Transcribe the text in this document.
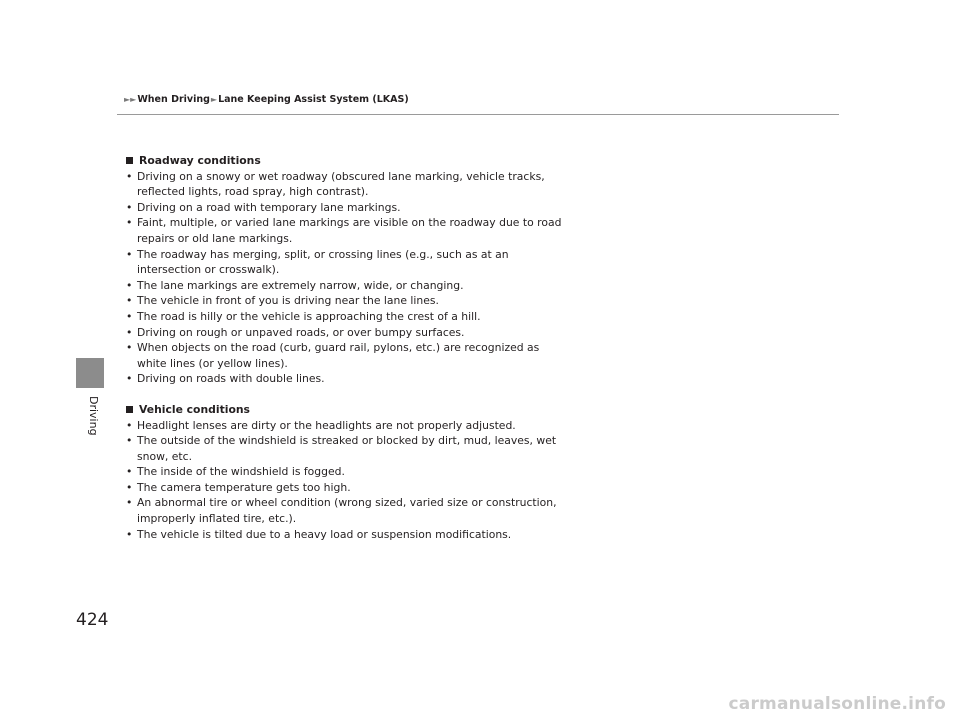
►► When Driving ► Lane Keeping Assist System (LKAS)
Driving
424
Roadway conditions
• Driving on a snowy or wet roadway (obscured lane marking, vehicle tracks, reflected lights, road spray, high contrast).
• Driving on a road with temporary lane markings.
• Faint, multiple, or varied lane markings are visible on the roadway due to road repairs or old lane markings.
• The roadway has merging, split, or crossing lines (e.g., such as at an intersection or crosswalk).
• The lane markings are extremely narrow, wide, or changing.
• The vehicle in front of you is driving near the lane lines.
• The road is hilly or the vehicle is approaching the crest of a hill.
• Driving on rough or unpaved roads, or over bumpy surfaces.
• When objects on the road (curb, guard rail, pylons, etc.) are recognized as white lines (or yellow lines).
• Driving on roads with double lines.
Vehicle conditions
• Headlight lenses are dirty or the headlights are not properly adjusted.
• The outside of the windshield is streaked or blocked by dirt, mud, leaves, wet snow, etc.
• The inside of the windshield is fogged.
• The camera temperature gets too high.
• An abnormal tire or wheel condition (wrong sized, varied size or construction, improperly inflated tire, etc.).
• The vehicle is tilted due to a heavy load or suspension modifications.
carmanualsonline.info
